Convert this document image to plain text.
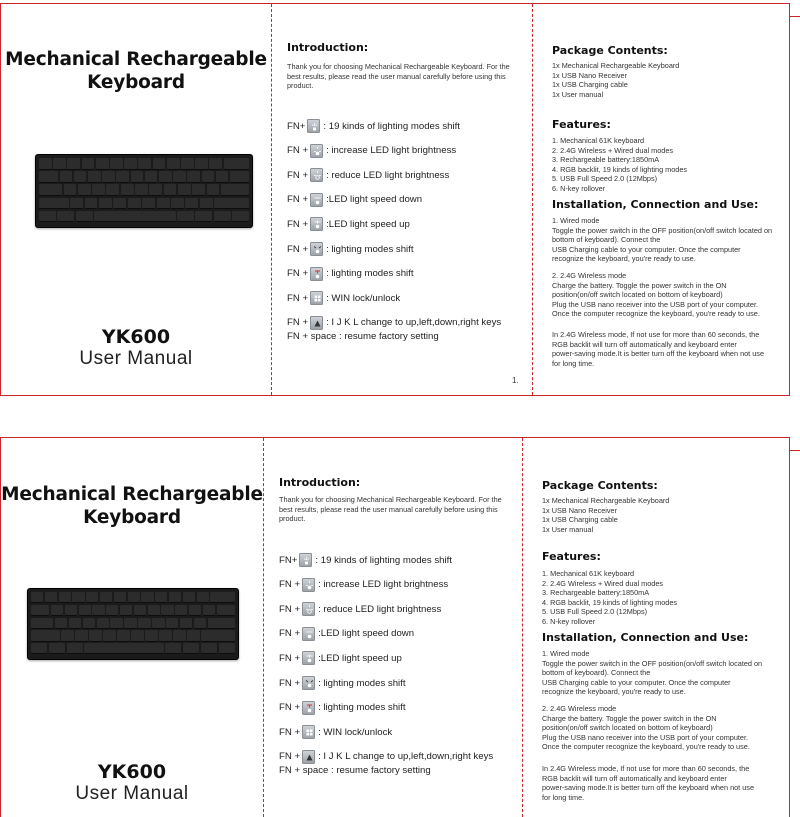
Mechanical Rechargeable
Keyboard
YK600
User Manual
Introduction:
Thank you for choosing Mechanical Rechargeable Keyboard. For the
best results, please read the user manual carefully before using this
product.
FN+ : 19 kinds of lighting modes shift
FN + : increase LED light brightness
FN + : reduce LED light brightness
FN + :LED light speed down
FN + :LED light speed up
FN + : lighting modes shift
FN + : lighting modes shift
FN + : WIN lock/unlock
FN + : I J K L change to up,left,down,right keys
FN + space : resume factory setting
1.
Package Contents:
1x Mechanical Rechargeable Keyboard
1x USB Nano Receiver
1x USB Charging cable
1x User manual
Features:
1. Mechanical 61K keyboard
2. 2.4G Wireless + Wired dual modes
3. Rechargeable battery:1850mA
4. RGB backlit, 19 kinds of lighting modes
5. USB Full Speed 2.0 (12Mbps)
6. N-key rollover
Installation, Connection and Use:
1. Wired mode
Toggle the power switch in the OFF position(on/off switch located on
bottom of keyboard). Connect the
USB Charging cable to your computer. Once the computer
recognize the keyboard, you're ready to use.
2. 2.4G Wireless mode
Charge the battery. Toggle the power switch in the ON
position(on/off switch located on bottom of keyboard)
Plug the USB nano receiver into the USB port of your computer.
Once the computer recognize the keyboard, you're ready to use.
In 2.4G Wireless mode, If not use for more than 60 seconds, the
RGB backlit will turn off automatically and keyboard enter
power-saving mode.It is better turn off the keyboard when not use
for long time.
Mechanical Rechargeable
Keyboard
YK600
User Manual
Introduction:
Thank you for choosing Mechanical Rechargeable Keyboard. For the
best results, please read the user manual carefully before using this
product.
FN+ : 19 kinds of lighting modes shift
FN + : increase LED light brightness
FN + : reduce LED light brightness
FN + :LED light speed down
FN + :LED light speed up
FN + : lighting modes shift
FN + : lighting modes shift
FN + : WIN lock/unlock
FN + : I J K L change to up,left,down,right keys
FN + space : resume factory setting
Package Contents:
1x Mechanical Rechargeable Keyboard
1x USB Nano Receiver
1x USB Charging cable
1x User manual
Features:
1. Mechanical 61K keyboard
2. 2.4G Wireless + Wired dual modes
3. Rechargeable battery:1850mA
4. RGB backlit, 19 kinds of lighting modes
5. USB Full Speed 2.0 (12Mbps)
6. N-key rollover
Installation, Connection and Use:
1. Wired mode
Toggle the power switch in the OFF position(on/off switch located on
bottom of keyboard). Connect the
USB Charging cable to your computer. Once the computer
recognize the keyboard, you're ready to use.
2. 2.4G Wireless mode
Charge the battery. Toggle the power switch in the ON
position(on/off switch located on bottom of keyboard)
Plug the USB nano receiver into the USB port of your computer.
Once the computer recognize the keyboard, you're ready to use.
In 2.4G Wireless mode, If not use for more than 60 seconds, the
RGB backlit will turn off automatically and keyboard enter
power-saving mode.It is better turn off the keyboard when not use
for long time.
